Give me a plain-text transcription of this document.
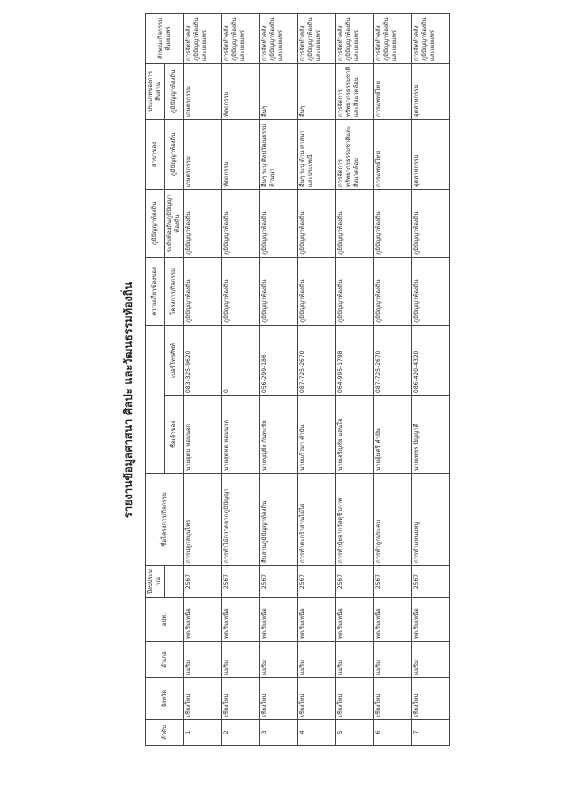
รายงานข้อมูลศาสนา ศิลปะ และวัฒนธรรมท้องถิ่น
ลำดับ	จังหวัด	อำเภอ	อปท.	ปีงบประมาณ	ชื่อโครงการ/กิจกรรม			ความเกี่ยวข้องของ	ภูมิปัญญาท้องถิ่น	สาขาของ	ประเภทของการสืบสาน	ลักษณะกิจกรรมที่เผยแพร่
						ชื่อเจ้าของ	เบอร์โทรศัพท์	โครงการ/กิจกรรม	ระดับท้องถิ่นภูมิปัญญาท้องถิ่น	ภูมิปัญญาท้องถิ่น	ภูมิปัญญาท้องถิ่น	
1	เชียงใหม่	แม่ริม	ทต.ริมเหนือ	2567	การปลูกสมุนไพร	นายอุดม หอมนอก	083-325-9620	ภูมิปัญญาท้องถิ่น	ภูมิปัญญาท้องถิ่น	เกษตรกรรม	เกษตรกรรม	การจัดทำคลังภูมิปัญญาท้องถิ่น และเผยแพร่
2	เชียงใหม่	แม่ริม	ทต.ริมเหนือ	2567	การทำไม้กวาดจากภูมิปัญญา	นายสุดทด หอมนวล	0	ภูมิปัญญาท้องถิ่น	ภูมิปัญญาท้องถิ่น	หัตถกรรม	หัตถกรรม	การจัดทำคลังภูมิปัญญาท้องถิ่น และเผยแพร่
3	เชียงใหม่	แม่ริม	ทต.ริมเหนือ	2567	สืบสานภูมิปัญญาท้องถิ่น	นายบุญยิ่ง กันทะชัย	056-299-186	ภูมิปัญญาท้องถิ่น	ภูมิปัญญาท้องถิ่น	อื่นๆ ระบุ ศิลปวัฒนธรรม ล้านนา	อื่นๆ	การจัดทำคลังภูมิปัญญาท้องถิ่น และเผยแพร่
4	เชียงใหม่	แม่ริม	ทต.ริมเหนือ	2567	การทำตะกร้าสานไม้ไผ่	นายแก้วมา คำปัน	087-725-2670	ภูมิปัญญาท้องถิ่น	ภูมิปัญญาท้องถิ่น	อื่นๆ ระบุ ด้าน ศาสนาและประเพณี	อื่นๆ	การจัดทำคลังภูมิปัญญาท้องถิ่น และเผยแพร่
5	เชียงใหม่	แม่ริม	ทต.ริมเหนือ	2567	การทำปุ๋ยจากวัสดุชีวภาพ	นายเจริญชัย แสนใจ	064-995-1798	ภูมิปัญญาท้องถิ่น	ภูมิปัญญาท้องถิ่น	การจัดการทรัพยากรธรรมชาติและสิ่งแวดล้อม	การจัดการทรัพยากรธรรมชาติและสิ่งแวดล้อม	การจัดทำคลังภูมิปัญญาท้องถิ่น และเผยแพร่
6	เชียงใหม่	แม่ริม	ทต.ริมเหนือ	2567	การทำลูกประคบ	นายอุ้มศรี คำปัน	087-725-2670	ภูมิปัญญาท้องถิ่น	ภูมิปัญญาท้องถิ่น	การแพทย์ไทย	การแพทย์ไทย	การจัดทำคลังภูมิปัญญาท้องถิ่น และเผยแพร่
7	เชียงใหม่	แม่ริม	ทต.ริมเหนือ	2567	การทำแหนมหมู	นายเพชร ปัญญาดี	086-420-4320	ภูมิปัญญาท้องถิ่น	ภูมิปัญญาท้องถิ่น	อุตสาหกรรม	อุตสาหกรรม	การจัดทำคลังภูมิปัญญาท้องถิ่น และเผยแพร่
